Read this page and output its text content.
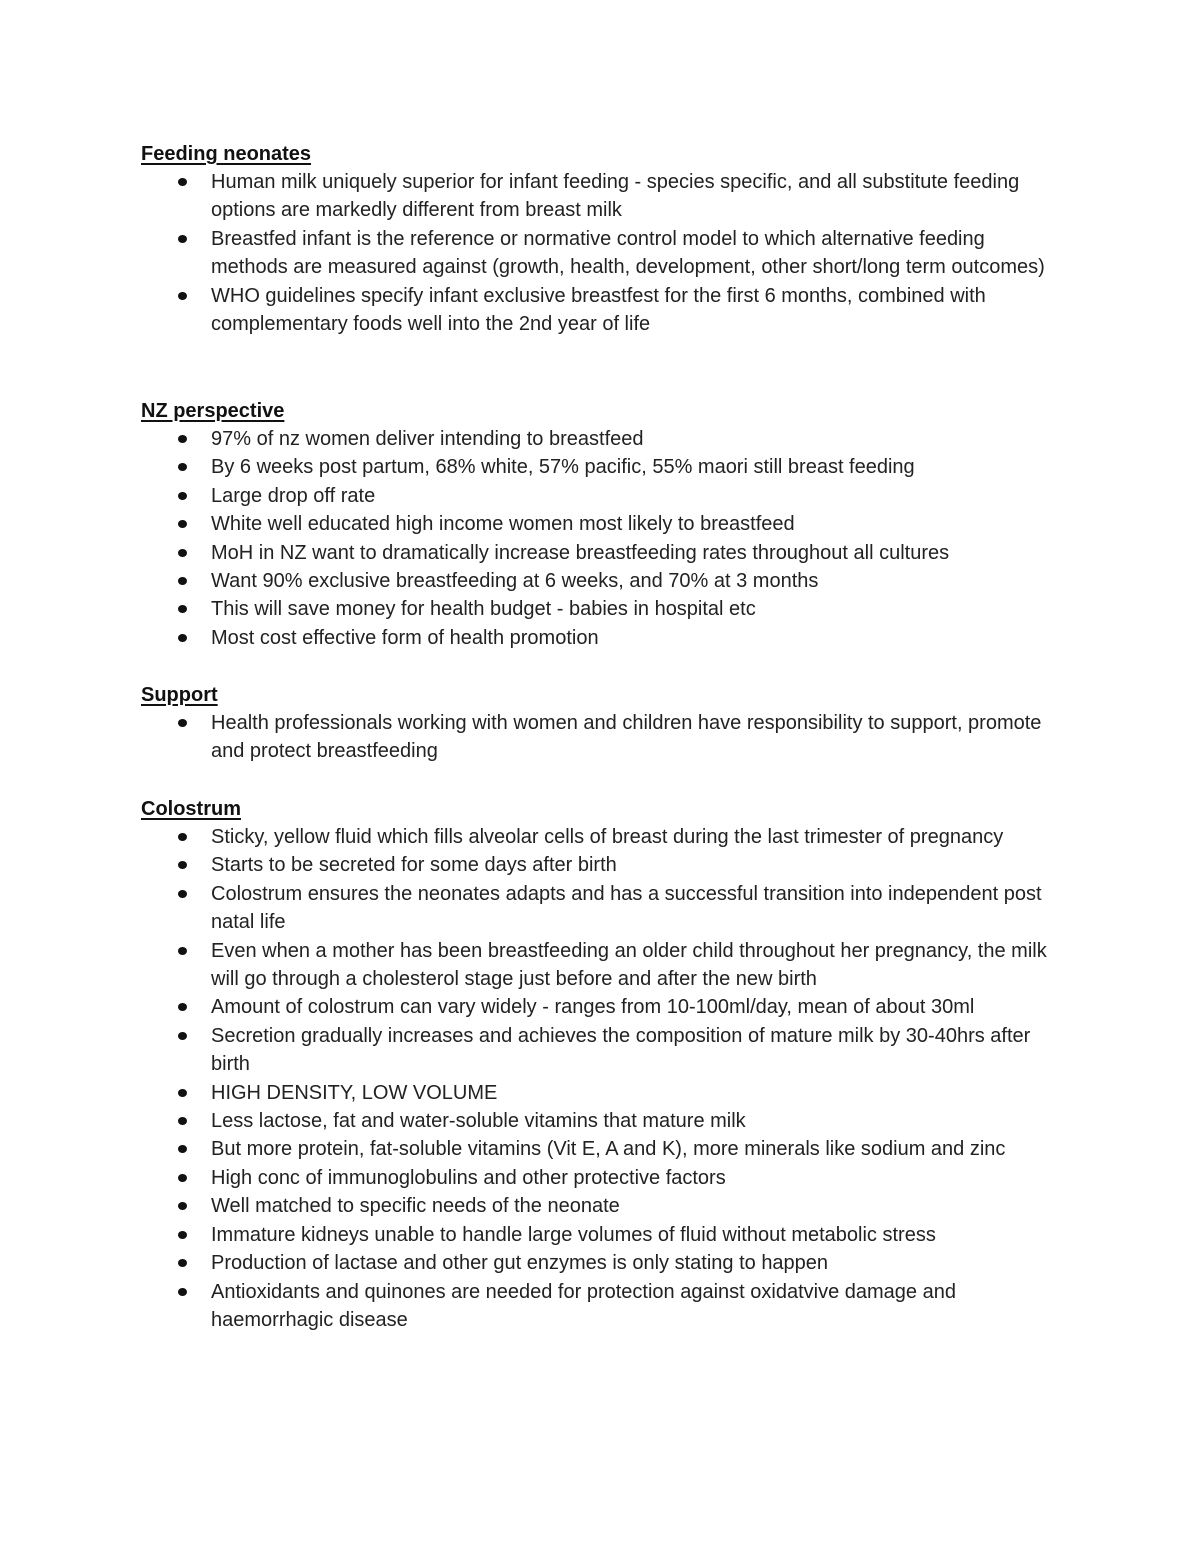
Feeding neonates
Human milk uniquely superior for infant feeding - species specific, and all substitute feeding options are markedly different from breast milk
Breastfed infant is the reference or normative control model to which alternative feeding methods are measured against (growth, health, development, other short/long term outcomes)
WHO guidelines specify infant exclusive breastfest for the first 6 months, combined with complementary foods well into the 2nd year of life
NZ perspective
97% of nz women deliver intending to breastfeed
By 6 weeks post partum, 68% white, 57% pacific, 55% maori still breast feeding
Large drop off rate
White well educated high income women most likely to breastfeed
MoH in NZ want to dramatically increase breastfeeding rates throughout all cultures
Want 90% exclusive breastfeeding at 6 weeks, and 70% at 3 months
This will save money for health budget - babies in hospital etc
Most cost effective form of health promotion
Support
Health professionals working with women and children have responsibility to support, promote and protect breastfeeding
Colostrum
Sticky, yellow fluid which fills alveolar cells of breast during the last trimester of pregnancy
Starts to be secreted for some days after birth
Colostrum ensures the neonates adapts and has a successful transition into independent post natal life
Even when a mother has been breastfeeding an older child throughout her pregnancy, the milk will go through a cholesterol stage just before and after the new birth
Amount of colostrum can vary widely - ranges from 10-100ml/day, mean of about 30ml
Secretion gradually increases and achieves the composition of mature milk by 30-40hrs after birth
HIGH DENSITY, LOW VOLUME
Less lactose, fat and water-soluble vitamins that mature milk
But more protein, fat-soluble vitamins (Vit E, A and K), more minerals like sodium and zinc
High conc of immunoglobulins and other protective factors
Well matched to specific needs of the neonate
Immature kidneys unable to handle large volumes of fluid without metabolic stress
Production of lactase and other gut enzymes is only stating to happen
Antioxidants and quinones are needed for protection against oxidatvive damage and haemorrhagic disease
